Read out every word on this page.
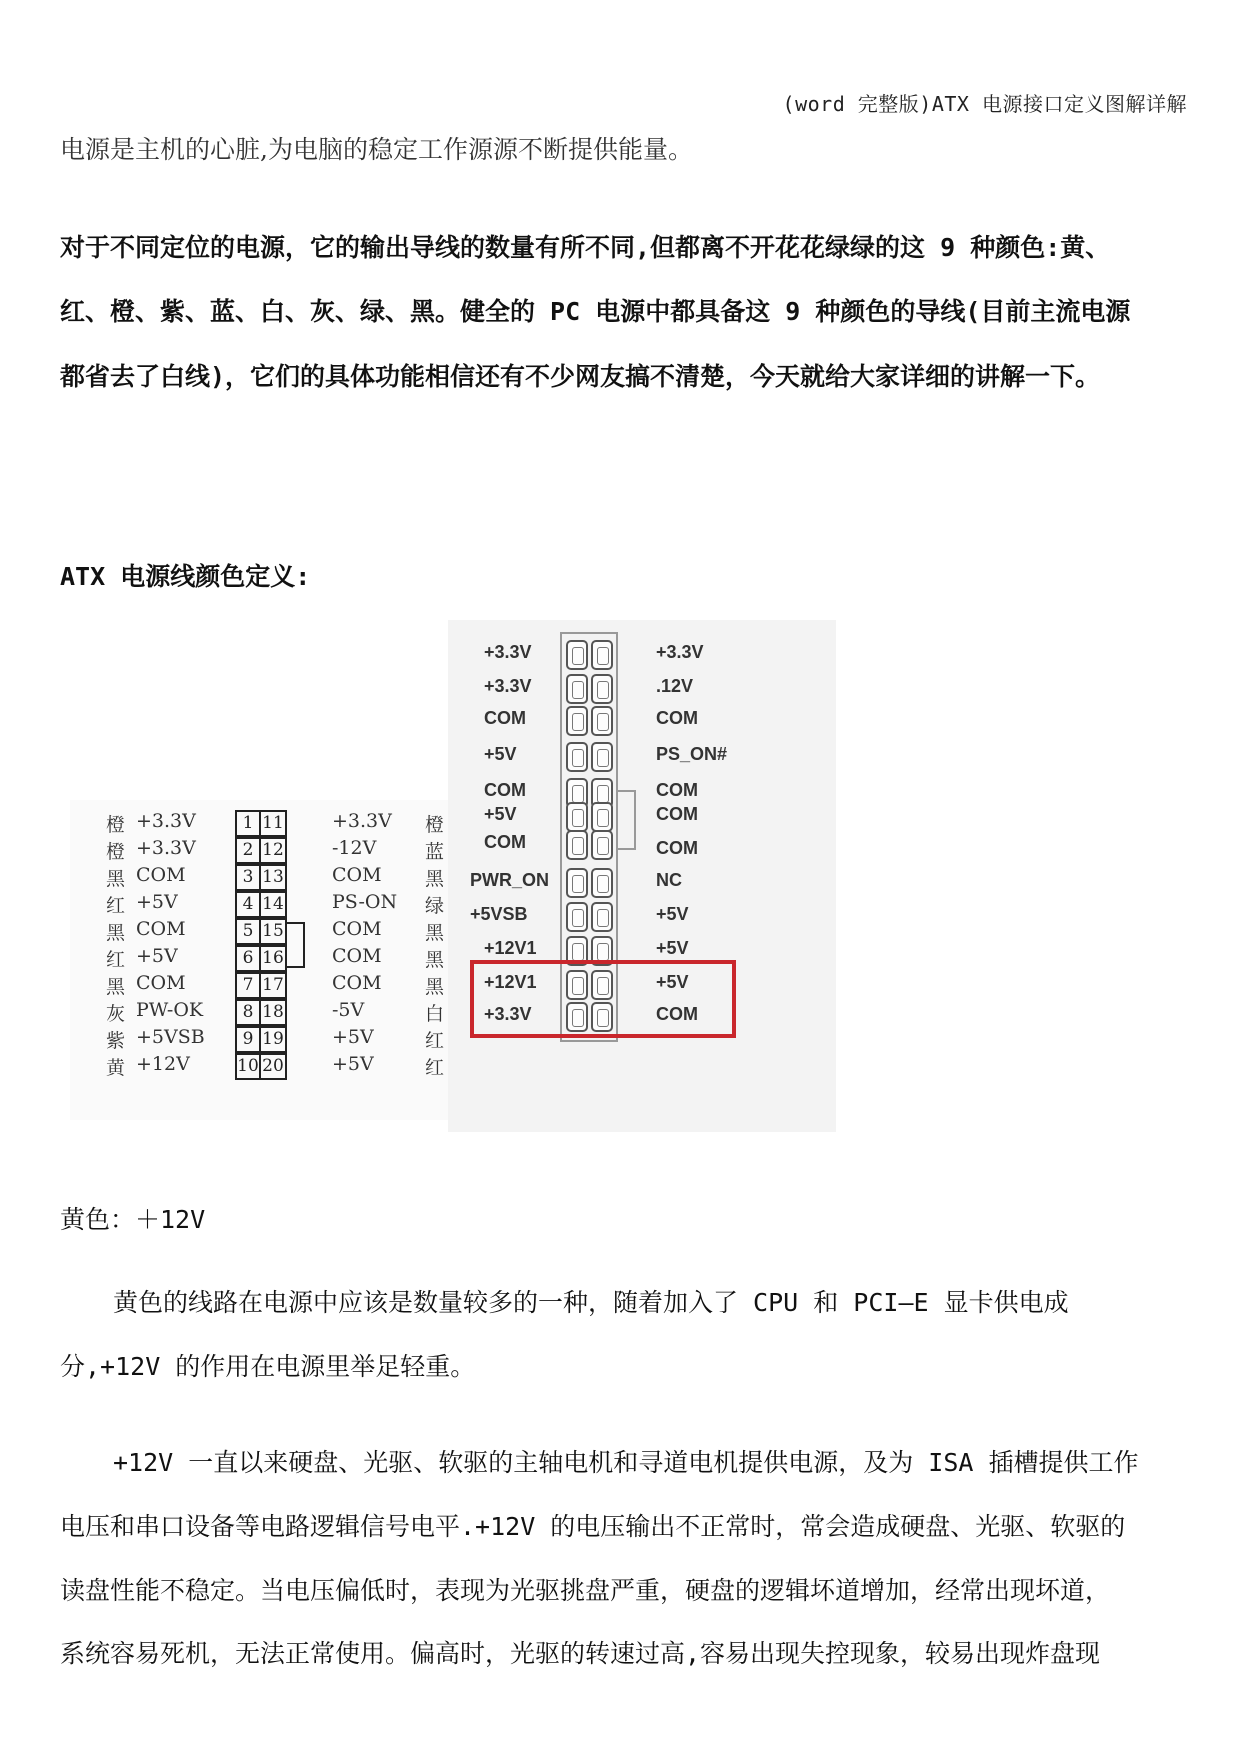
(word 完整版)ATX 电源接口定义图解详解
电源是主机的心脏,为电脑的稳定工作源源不断提供能量。
对于不同定位的电源，它的输出导线的数量有所不同,但都离不开花花绿绿的这 9 种颜色:黄、
红、橙、紫、蓝、白、灰、绿、黑。健全的 PC 电源中都具备这 9 种颜色的导线(目前主流电源
都省去了白线)，它们的具体功能相信还有不少网友搞不清楚，今天就给大家详细的讲解一下。
ATX 电源线颜色定义:
橙 +3.3V	1 11	+3.3V 橙
橙 +3.3V	2 12	-12V	蓝
黑 COM	3 13	COM 黑
红 +5V	4 14	PS-ON 绿
黑 COM	5 15	COM 黑
红 +5V	6 16	COM 黑
黑 COM	7 17	COM 黑
灰 PW-OK	8 18	-5V	白
紫 +5VSB	9 19	+5V	红
黄 +12V	10 20	+5V	红
+3.3V	+3.3V
+3.3V	.12V
COM	COM
+5V	PS_ON#
COM	COM
+5V	COM
COM	COM
PWR_ON	NC
+5VSB	+5V
+12V1	+5V
+12V1	+5V
+3.3V	COM
黄色：＋12V
黄色的线路在电源中应该是数量较多的一种，随着加入了 CPU 和 PCI—E 显卡供电成
分,+12V 的作用在电源里举足轻重。
+12V 一直以来硬盘、光驱、软驱的主轴电机和寻道电机提供电源，及为 ISA 插槽提供工作
电压和串口设备等电路逻辑信号电平.+12V 的电压输出不正常时，常会造成硬盘、光驱、软驱的
读盘性能不稳定。当电压偏低时，表现为光驱挑盘严重，硬盘的逻辑坏道增加，经常出现坏道，
系统容易死机，无法正常使用。偏高时，光驱的转速过高,容易出现失控现象，较易出现炸盘现
